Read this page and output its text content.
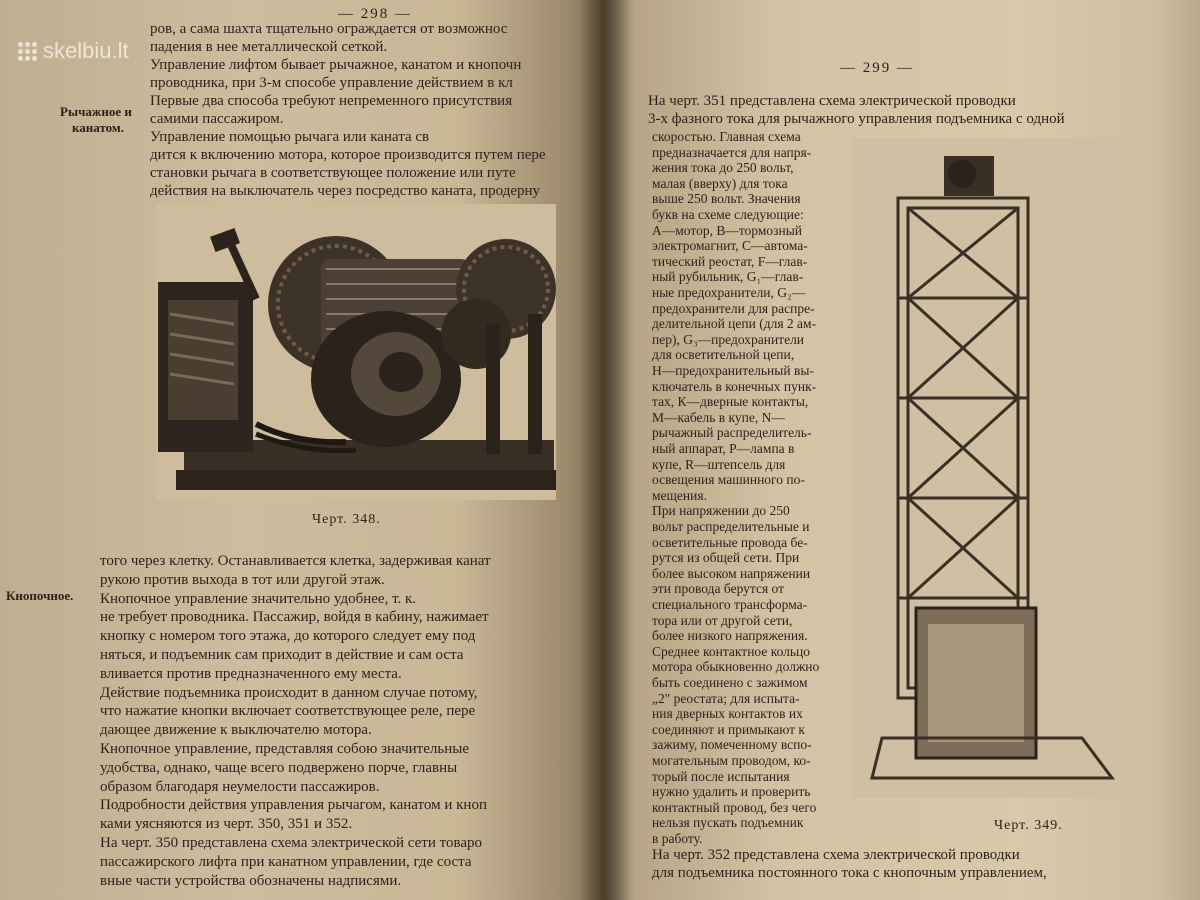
— 298 —
Рычажное и
канатом.
Кнопочное.
ров, а сама шахта тщательно ограждается от возможнос
падения в нее металлической сеткой.
Управление лифтом бывает рычажное, канатом и кнопочн
проводника, при 3-м способе управление действием в кл
Первые два способа требуют непременного присутствия
самими пассажиром.
Управление помощью рычага или каната св
дится к включению мотора, которое производится путем пере
становки рычага в соответствующее положение или путе
действия на выключатель через посредство каната, продерну
Черт. 348.
того через клетку. Останавливается клетка, задерживая канат
рукою против выхода в тот или другой этаж.
Кнопочное управление значительно удобнее, т. к.
не требует проводника. Пассажир, войдя в кабину, нажимает
кнопку с номером того этажа, до которого следует ему под
няться, и подъемник сам приходит в действие и сам оста
вливается против предназначенного ему места.
Действие подъемника происходит в данном случае потому,
что нажатие кнопки включает соответствующее реле, пере
дающее движение к выключателю мотора.
Кнопочное управление, представляя собою значительные
удобства, однако, чаще всего подвержено порче, главны
образом благодаря неумелости пассажиров.
Подробности действия управления рычагом, канатом и кноп
ками уясняются из черт. 350, 351 и 352.
На черт. 350 представлена схема электрической сети товаро
пассажирского лифта при канатном управлении, где соста
вные части устройства обозначены надписями.
— 299 —
На черт. 351 представлена схема электрической проводки
3-х фазного тока для рычажного управления подъемника с одной
скоростью. Главная схема
предназначается для напря-
жения тока до 250 вольт,
малая (вверху) для тока
выше 250 вольт. Значения
букв на схеме следующие:
А—мотор, В—тормозный
электромагнит, С—автома-
тический реостат, F—глав-
ный рубильник, G₁—глав-
ные предохранители, G₂—
предохранители для распре-
делительной цепи (для 2 ам-
пер), G₃—предохранители
для осветительной цепи,
Н—предохранительный вы-
ключатель в конечных пунк-
тах, К—дверные контакты,
М—кабель в купе, N—
рычажный распределитель-
ный аппарат, Р—лампа в
купе, R—штепсель для
освещения машинного по-
мещения.
При напряжении до 250
вольт распределительные и
осветительные провода бе-
рутся из общей сети. При
более высоком напряжении
эти провода берутся от
специального трансформа-
тора или от другой сети,
более низкого напряжения.
Среднее контактное кольцо
мотора обыкновенно должно
быть соединено с зажимом
„2" реостата; для испыта-
ния дверных контактов их
соединяют и примыкают к
зажиму, помеченному вспо-
могательным проводом, ко-
торый после испытания
нужно удалить и проверить
контактный провод, без чего
нельзя пускать подъемник
в работу.
Черт. 349.
На черт. 352 представлена схема электрической проводки
для подъемника постоянного тока с кнопочным управлением,
skelbiu.lt
